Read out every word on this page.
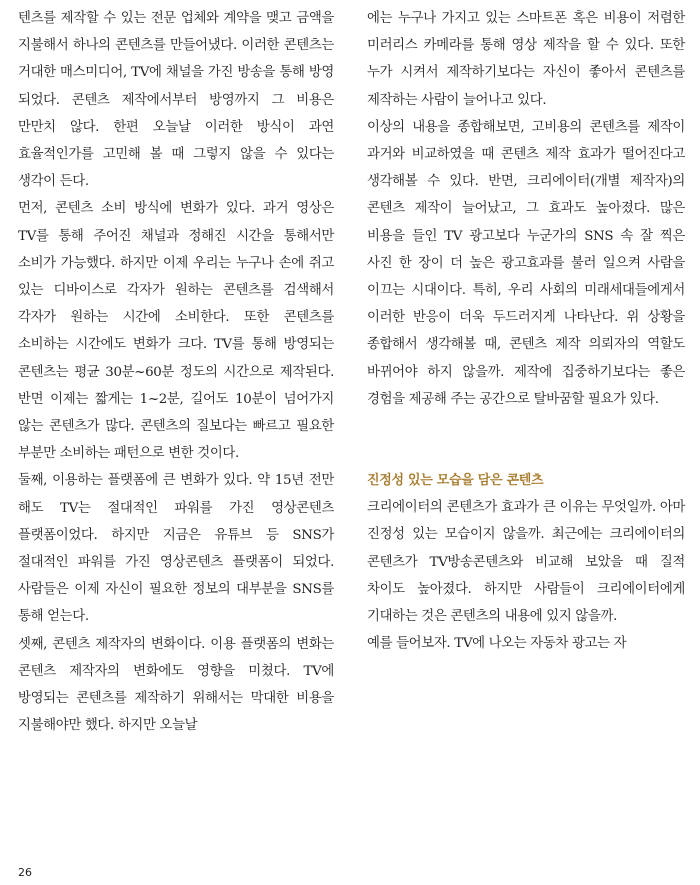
텐츠를 제작할 수 있는 전문 업체와 계약을 맺고 금액을 지불해서 하나의 콘텐츠를 만들어냈다. 이러한 콘텐츠는 거대한 매스미디어, TV에 채널을 가진 방송을 통해 방영 되었다. 콘텐츠 제작에서부터 방영까지 그 비용은 만만치 않다. 한편 오늘날 이러한 방식이 과연 효율적인가를 고민해 볼 때 그렇지 않을 수 있다는 생각이 든다.

먼저, 콘텐츠 소비 방식에 변화가 있다. 과거 영상은 TV를 통해 주어진 채널과 정해진 시간을 통해서만 소비가 가능했다. 하지만 이제 우리는 누구나 손에 쥐고 있는 디바이스로 각자가 원하는 콘텐츠를 검색해서 각자가 원하는 시간에 소비한다. 또한 콘텐츠를 소비하는 시간에도 변화가 크다. TV를 통해 방영되는 콘텐츠는 평균 30분~60분 정도의 시간으로 제작된다. 반면 이제는 짧게는 1~2분, 길어도 10분이 넘어가지 않는 콘텐츠가 많다. 콘텐츠의 질보다는 빠르고 필요한 부분만 소비하는 패턴으로 변한 것이다.

둘째, 이용하는 플랫폼에 큰 변화가 있다. 약 15년 전만 해도 TV는 절대적인 파워를 가진 영상콘텐츠 플랫폼이었다. 하지만 지금은 유튜브 등 SNS가 절대적인 파워를 가진 영상콘텐츠 플랫폼이 되었다. 사람들은 이제 자신이 필요한 정보의 대부분을 SNS를 통해 얻는다.

셋째, 콘텐츠 제작자의 변화이다. 이용 플랫폼의 변화는 콘텐츠 제작자의 변화에도 영향을 미쳤다. TV에 방영되는 콘텐츠를 제작하기 위해서는 막대한 비용을 지불해야만 했다. 하지만 오늘날

에는 누구나 가지고 있는 스마트폰 혹은 비용이 저렴한 미러리스 카메라를 통해 영상 제작을 할 수 있다. 또한 누가 시켜서 제작하기보다는 자신이 좋아서 콘텐츠를 제작하는 사람이 늘어나고 있다.

이상의 내용을 종합해보면, 고비용의 콘텐츠를 제작이 과거와 비교하였을 때 콘텐츠 제작 효과가 떨어진다고 생각해볼 수 있다. 반면, 크리에이터(개별 제작자)의 콘텐츠 제작이 늘어났고, 그 효과도 높아졌다. 많은 비용을 들인 TV 광고보다 누군가의 SNS 속 잘 찍은 사진 한 장이 더 높은 광고효과를 불러 일으켜 사람을 이끄는 시대이다. 특히, 우리 사회의 미래세대들에게서 이러한 반응이 더욱 두드러지게 나타난다. 위 상황을 종합해서 생각해볼 때, 콘텐츠 제작 의뢰자의 역할도 바뀌어야 하지 않을까. 제작에 집중하기보다는 좋은 경험을 제공해 주는 공간으로 탈바꿈할 필요가 있다.

진정성 있는 모습을 담은 콘텐츠

크리에이터의 콘텐츠가 효과가 큰 이유는 무엇일까. 아마 진정성 있는 모습이지 않을까. 최근에는 크리에이터의 콘텐츠가 TV방송콘텐츠와 비교해 보았을 때 질적 차이도 높아졌다. 하지만 사람들이 크리에이터에게 기대하는 것은 콘텐츠의 내용에 있지 않을까.

예를 들어보자. TV에 나오는 자동차 광고는 자

26
